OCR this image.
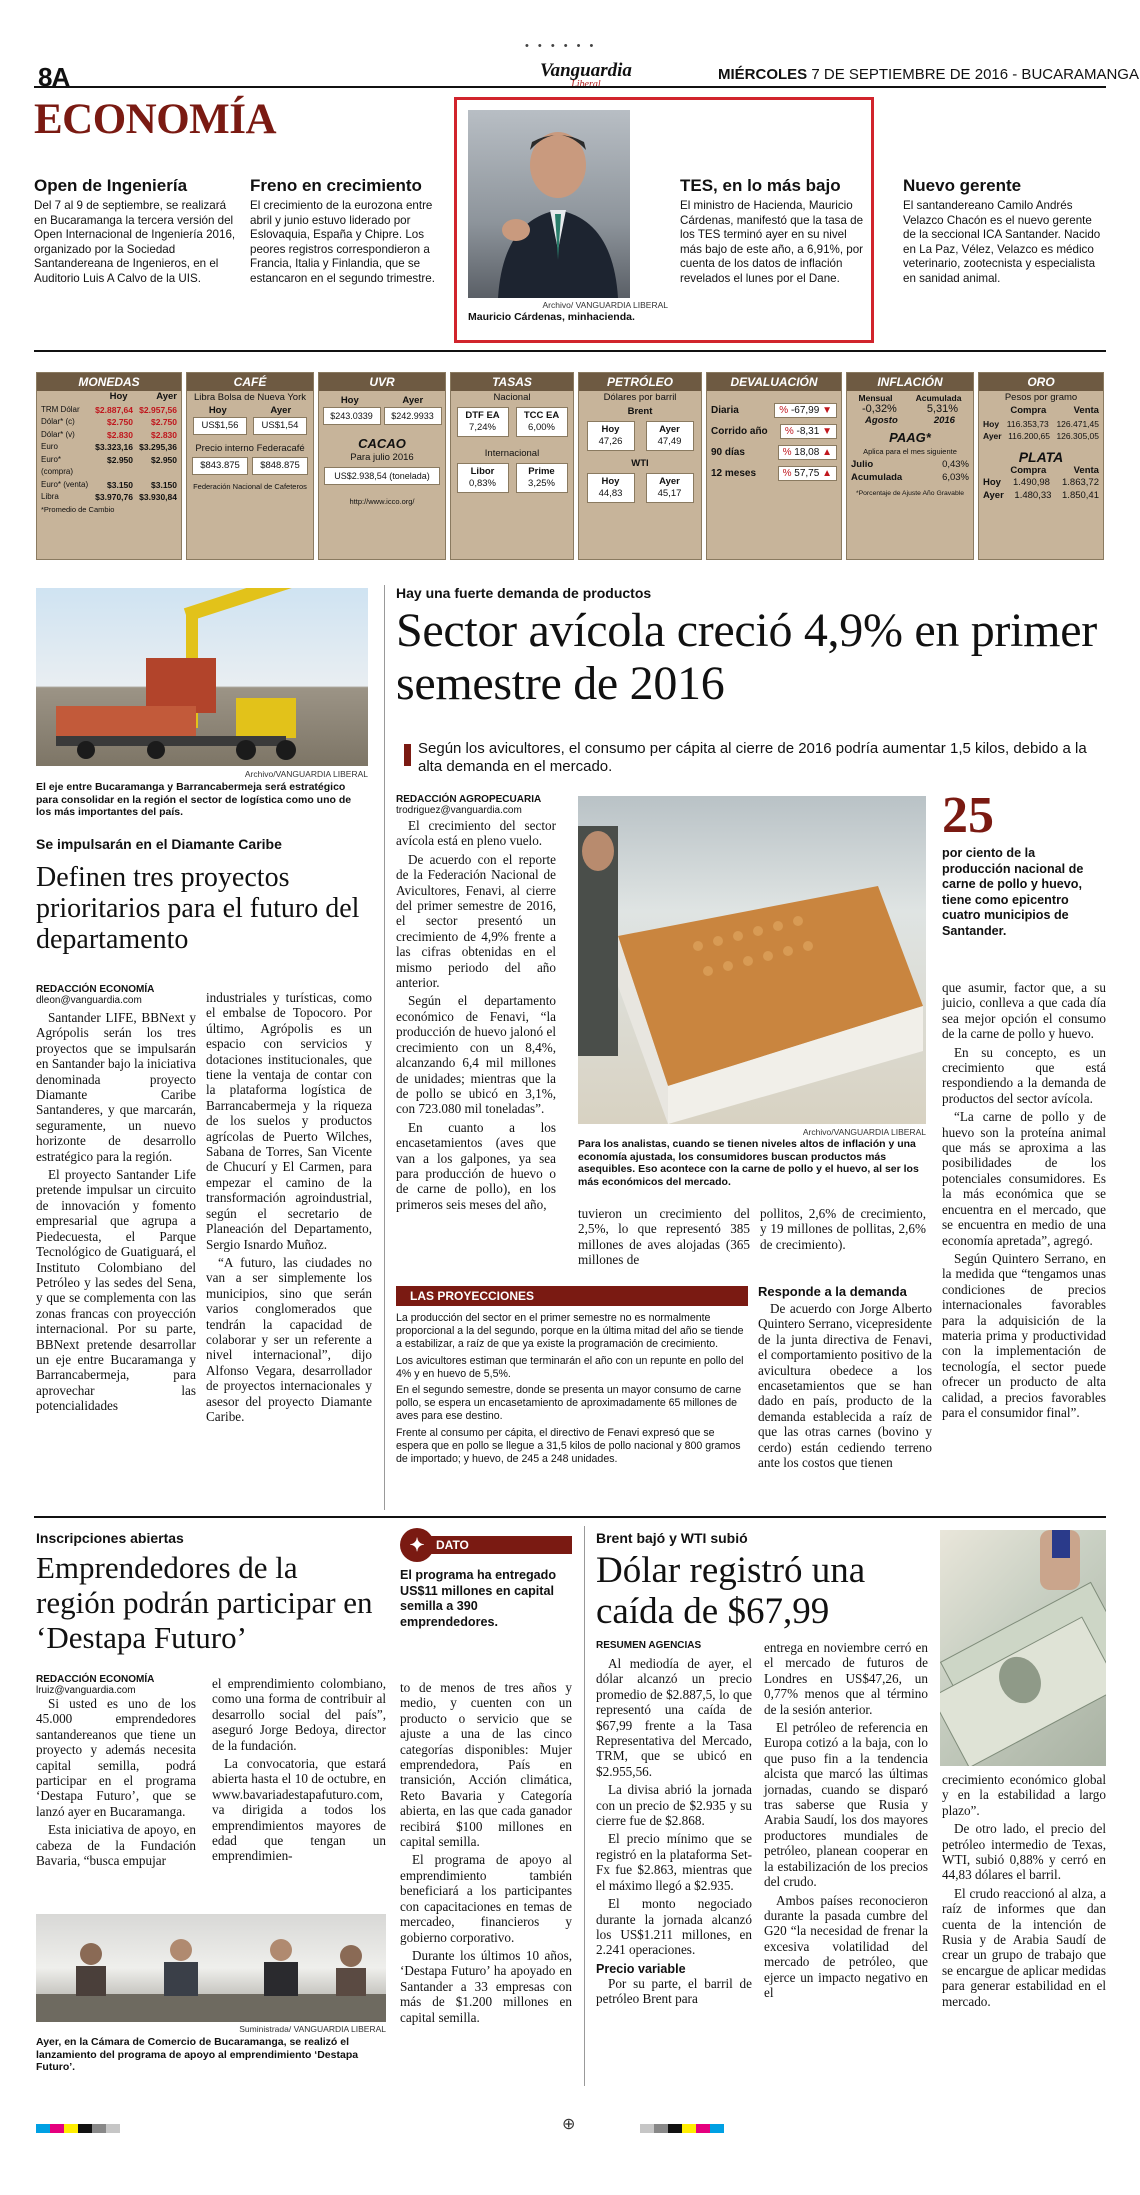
• • • • • •
8A	Vanguardia
Liberal
MIÉRCOLES 7 DE SEPTIEMBRE DE 2016 - BUCARAMANGA
ECONOMÍA
Open de Ingeniería
Del 7 al 9 de septiembre, se realizará en Bucaramanga la tercera versión del Open Internacional de Ingeniería 2016, organizado por la Sociedad Santandereana de Ingenieros, en el Auditorio Luis A Calvo de la UIS.
Freno en crecimiento
El crecimiento de la eurozona entre abril y junio estuvo liderado por Eslovaquia, España y Chipre. Los peores registros correspondieron a Francia, Italia y Finlandia, que se estancaron en el segundo trimestre.
Archivo/ VANGUARDIA LIBERAL
Mauricio Cárdenas, minhacienda.
TES, en lo más bajo
El ministro de Hacienda, Mauricio Cárdenas, manifestó que la tasa de los TES terminó ayer en su nivel más bajo de este año, a 6,91%, por cuenta de los datos de inflación revelados el lunes por el Dane.
Nuevo gerente
El santandereano Camilo Andrés Velazco Chacón es el nuevo gerente de la seccional ICA Santander. Nacido en La Paz, Vélez, Velazco es médico veterinario, zootecnista y especialista en sanidad animal.
MONEDAS
Hoy	Ayer
TRM Dólar	$2.887,64 $2.957,56
Dólar* (c)	$2.750 $2.750
Dólar* (v)	$2.830 $2.830
Euro	$3.323,16 $3.295,36
Euro* (compra)
$2.950 $2.950
Euro* (venta) $3.150 $3.150
Libra	$3.970,76 $3.930,84
*Promedio de Cambio
CAFÉ
Libra Bolsa de Nueva York
Hoy	Ayer
US$1,56	US$1,54
Precio interno Federacafé
$843.875	$848.875
Federación Nacional de Cafeteros
UVR
Hoy	Ayer
$243.0339	$242.9933
CACAO
Para julio 2016
US$2.938,54 (tonelada)
http://www.icco.org/
TASAS
Nacional
DTF EA
7,24%
TCC EA
6,00%
Internacional
Libor
0,83%
Prime
3,25%
PETRÓLEO
Dólares por barril
Brent
Hoy
47,26
Ayer
47,49
WTI
Hoy
44,83
Ayer
45,17
DEVALUACIÓN
Diaria	% -67,99 ▼
Corrido año	% -8,31 ▼
90 días	% 18,08 ▲
12 meses	% 57,75 ▲
INFLACIÓN
Mensual	Acumulada
-0,32%	5,31%
Agosto	2016
PAAG*
Aplica para el mes siguiente
Julio	0,43%
Acumulada	6,03%
*Porcentaje de Ajuste Año Gravable
ORO
Pesos por gramo
Compra	Venta
Hoy 116.353,73 126.471,45
Ayer 116.200,65 126.305,05
PLATA
Compra	Venta
Hoy 1.490,98 1.863,72
Ayer 1.480,33 1.850,41
Archivo/VANGUARDIA LIBERAL
El eje entre Bucaramanga y Barrancabermeja será estratégico para consolidar en la región el sector de logística como uno de los más importantes del país.
Se impulsarán en el Diamante Caribe
Definen tres proyectos prioritarios para el futuro del departamento
REDACCIÓN ECONOMÍA
dleon@vanguardia.com

Santander LIFE, BBNext y Agrópolis serán los tres proyectos que se impulsarán en Santander bajo la iniciativa denominada proyecto Diamante Caribe Santanderes, y que marcarán, seguramente, un nuevo horizonte de desarrollo estratégico para la región.

El proyecto Santander Life pretende impulsar un circuito de innovación y fomento empresarial que agrupa a Piedecuesta, el Parque Tecnológico de Guatiguará, el Instituto Colombiano del Petróleo y las sedes del Sena, y que se complementa con las zonas francas con proyección internacional. Por su parte, BBNext pretende desarrollar un eje entre Bucaramanga y Barrancabermeja, para aprovechar las potencialidades

industriales y turísticas, como el embalse de Topocoro. Por último, Agrópolis es un espacio con servicios y dotaciones institucionales, que tiene la ventaja de contar con la plataforma logística de Barrancabermeja y la riqueza de los suelos y productos agrícolas de Puerto Wilches, Sabana de Torres, San Vicente de Chucurí y El Carmen, para empezar el camino de la transformación agroindustrial, según el secretario de Planeación del Departamento, Sergio Isnardo Muñoz.

“A futuro, las ciudades no van a ser simplemente los municipios, sino que serán varios conglomerados que tendrán la capacidad de colaborar y ser un referente a nivel internacional”, dijo Alfonso Vegara, desarrollador de proyectos internacionales y asesor del proyecto Diamante Caribe.

Hay una fuerte demanda de productos
Sector avícola creció 4,9% en primer semestre de 2016
Según los avicultores, el consumo per cápita al cierre de 2016 podría aumentar 1,5 kilos, debido a la alta demanda en el mercado.
REDACCIÓN AGROPECUARIA
trodriguez@vanguardia.com

El crecimiento del sector avícola está en pleno vuelo.

De acuerdo con el reporte de la Federación Nacional de Avicultores, Fenavi, al cierre del primer semestre de 2016, el sector presentó un crecimiento de 4,9% frente a las cifras obtenidas en el mismo periodo del año anterior.

Según el departamento económico de Fenavi, “la producción de huevo jalonó el crecimiento con un 8,4%, alcanzando 6,4 mil millones de unidades; mientras que la de pollo se ubicó en 3,1%, con 723.080 mil toneladas”.

En cuanto a los encasetamientos (aves que van a los galpones, ya sea para producción de huevo o de carne de pollo), en los primeros seis meses del año,

Archivo/VANGUARDIA LIBERAL
Para los analistas, cuando se tienen niveles altos de inflación y una economía ajustada, los consumidores buscan productos más asequibles. Eso acontece con la carne de pollo y el huevo, al ser los más económicos del mercado.
25
por ciento de la producción nacional de carne de pollo y huevo, tiene como epicentro cuatro municipios de Santander.

que asumir, factor que, a su juicio, conlleva a que cada día sea mejor opción el consumo de la carne de pollo y huevo.

En su concepto, es un crecimiento que está respondiendo a la demanda de productos del sector avícola.

“La carne de pollo y de huevo son la proteína animal que más se aproxima a las posibilidades de los potenciales consumidores. Es la más económica que se encuentra en el mercado, que se encuentra en medio de una economía apretada”, agregó.

Según Quintero Serrano, en la medida que “tengamos unas condiciones de precios internacionales favorables para la adquisición de la materia prima y productividad con la implementación de tecnología, el sector puede ofrecer un producto de alta calidad, a precios favorables para el consumidor final”.

tuvieron un crecimiento del 2,5%, lo que representó 385 millones de aves alojadas (365 millones de

pollitos, 2,6% de crecimiento, y 19 millones de pollitas, 2,6% de crecimiento).

LAS PROYECCIONES

La producción del sector en el primer semestre no es normalmente proporcional a la del segundo, porque en la última mitad del año se tiende a estabilizar, a raíz de que ya existe la programación de crecimiento.

Los avicultores estiman que terminarán el año con un repunte en pollo del 4% y en huevo de 5,5%.

En el segundo semestre, donde se presenta un mayor consumo de carne pollo, se espera un encasetamiento de aproximadamente 65 millones de aves para ese destino.

Frente al consumo per cápita, el directivo de Fenavi expresó que se espera que en pollo se llegue a 31,5 kilos de pollo nacional y 800 gramos de importado; y huevo, de 245 a 248 unidades.

Responde a la demanda

De acuerdo con Jorge Alberto Quintero Serrano, vicepresidente de la junta directiva de Fenavi, el comportamiento positivo de la avicultura obedece a los encasetamientos que se han dado en país, producto de la demanda establecida a raíz de que las otras carnes (bovino y cerdo) están cediendo terreno ante los costos que tienen

Inscripciones abiertas
Emprendedores de la región podrán participar en ‘Destapa Futuro’
REDACCIÓN ECONOMÍA
lruiz@vanguardia.com

Si usted es uno de los 45.000 emprendedores santandereanos que tiene un proyecto y además necesita capital semilla, podrá participar en el programa ‘Destapa Futuro’, que se lanzó ayer en Bucaramanga.

Esta iniciativa de apoyo, en cabeza de la Fundación Bavaria, “busca empujar

el emprendimiento colombiano, como una forma de contribuir al desarrollo social del país”, aseguró Jorge Bedoya, director de la fundación.

La convocatoria, que estará abierta hasta el 10 de octubre, en www.bavariadestapafuturo.com, va dirigida a todos los emprendimientos mayores de edad que tengan un emprendimien-

✦ DATO
El programa ha entregado US$11 millones en capital semilla a 390 emprendedores.

to de menos de tres años y medio, y cuenten con un producto o servicio que se ajuste a una de las cinco categorías disponibles: Mujer emprendedora, País en transición, Acción climática, Reto Bavaria y Categoría abierta, en las que cada ganador recibirá $100 millones en capital semilla.

El programa de apoyo al emprendimiento también beneficiará a los participantes con capacitaciones en temas de mercadeo, financieros y gobierno corporativo.

Durante los últimos 10 años, ‘Destapa Futuro’ ha apoyado en Santander a 33 empresas con más de $1.200 millones en capital semilla.

Suministrada/ VANGUARDIA LIBERAL
Ayer, en la Cámara de Comercio de Bucaramanga, se realizó el lanzamiento del programa de apoyo al emprendimiento ‘Destapa Futuro’.
Brent bajó y WTI subió
Dólar registró una caída de $67,99
RESUMEN AGENCIAS

Al mediodía de ayer, el dólar alcanzó un precio promedio de $2.887,5, lo que representó una caída de $67,99 frente a la Tasa Representativa del Mercado, TRM, que se ubicó en $2.955,56.

La divisa abrió la jornada con un precio de $2.935 y su cierre fue de $2.868.

El precio mínimo que se registró en la plataforma Set-Fx fue $2.863, mientras que el máximo llegó a $2.935.

El monto negociado durante la jornada alcanzó los US$1.211 millones, en 2.241 operaciones.

Precio variable

Por su parte, el barril de petróleo Brent para

entrega en noviembre cerró en el mercado de futuros de Londres en US$47,26, un 0,77% menos que al término de la sesión anterior.

El petróleo de referencia en Europa cotizó a la baja, con lo que puso fin a la tendencia alcista que marcó las últimas jornadas, cuando se disparó tras saberse que Rusia y Arabia Saudí, los dos mayores productores mundiales de petróleo, planean cooperar en la estabilización de los precios del crudo.

Ambos países reconocieron durante la pasada cumbre del G20 “la necesidad de frenar la excesiva volatilidad del mercado de petróleo, que ejerce un impacto negativo en el

crecimiento económico global y en la estabilidad a largo plazo”.

De otro lado, el precio del petróleo intermedio de Texas, WTI, subió 0,88% y cerró en 44,83 dólares el barril.

El crudo reaccionó al alza, a raíz de informes que dan cuenta de la intención de Rusia y de Arabia Saudí de crear un grupo de trabajo que se encargue de aplicar medidas para generar estabilidad en el mercado.

⊕
